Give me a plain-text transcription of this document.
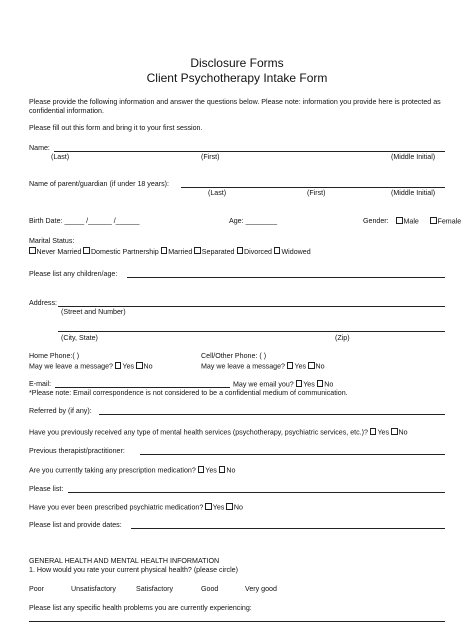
Disclosure Forms
Client Psychotherapy Intake Form
Please provide the following information and answer the questions below. Please note: information you provide here is protected as confidential information.
Please fill out this form and bring it to your first session.
Name:
(Last)	(First)	(Middle Initial)
Name of parent/guardian (if under 18 years):
(Last)	(First)	(Middle Initial)
Birth Date: _____ /______ /______	Age: ________	Gender:	Male	Female
Marital Status:
Never Married Domestic Partnership Married Separated Divorced Widowed
Please list any children/age:
Address:
(Street and Number)
(City, State)	(Zip)
Home Phone:( )	Cell/Other Phone: ( )
May we leave a message? Yes No	May we leave a message? Yes No
E-mail:	May we email you? Yes No
*Please note: Email correspondence is not considered to be a confidential medium of communication.
Referred by (if any):
Have you previously received any type of mental health services (psychotherapy, psychiatric services, etc.)? Yes No
Previous therapist/practitioner:
Are you currently taking any prescription medication? Yes No
Please list:
Have you ever been prescribed psychiatric medication? Yes No
Please list and provide dates:
GENERAL HEALTH AND MENTAL HEALTH INFORMATION
1. How would you rate your current physical health? (please circle)
Poor	Unsatisfactory	Satisfactory	Good	Very good
Please list any specific health problems you are currently experiencing:
